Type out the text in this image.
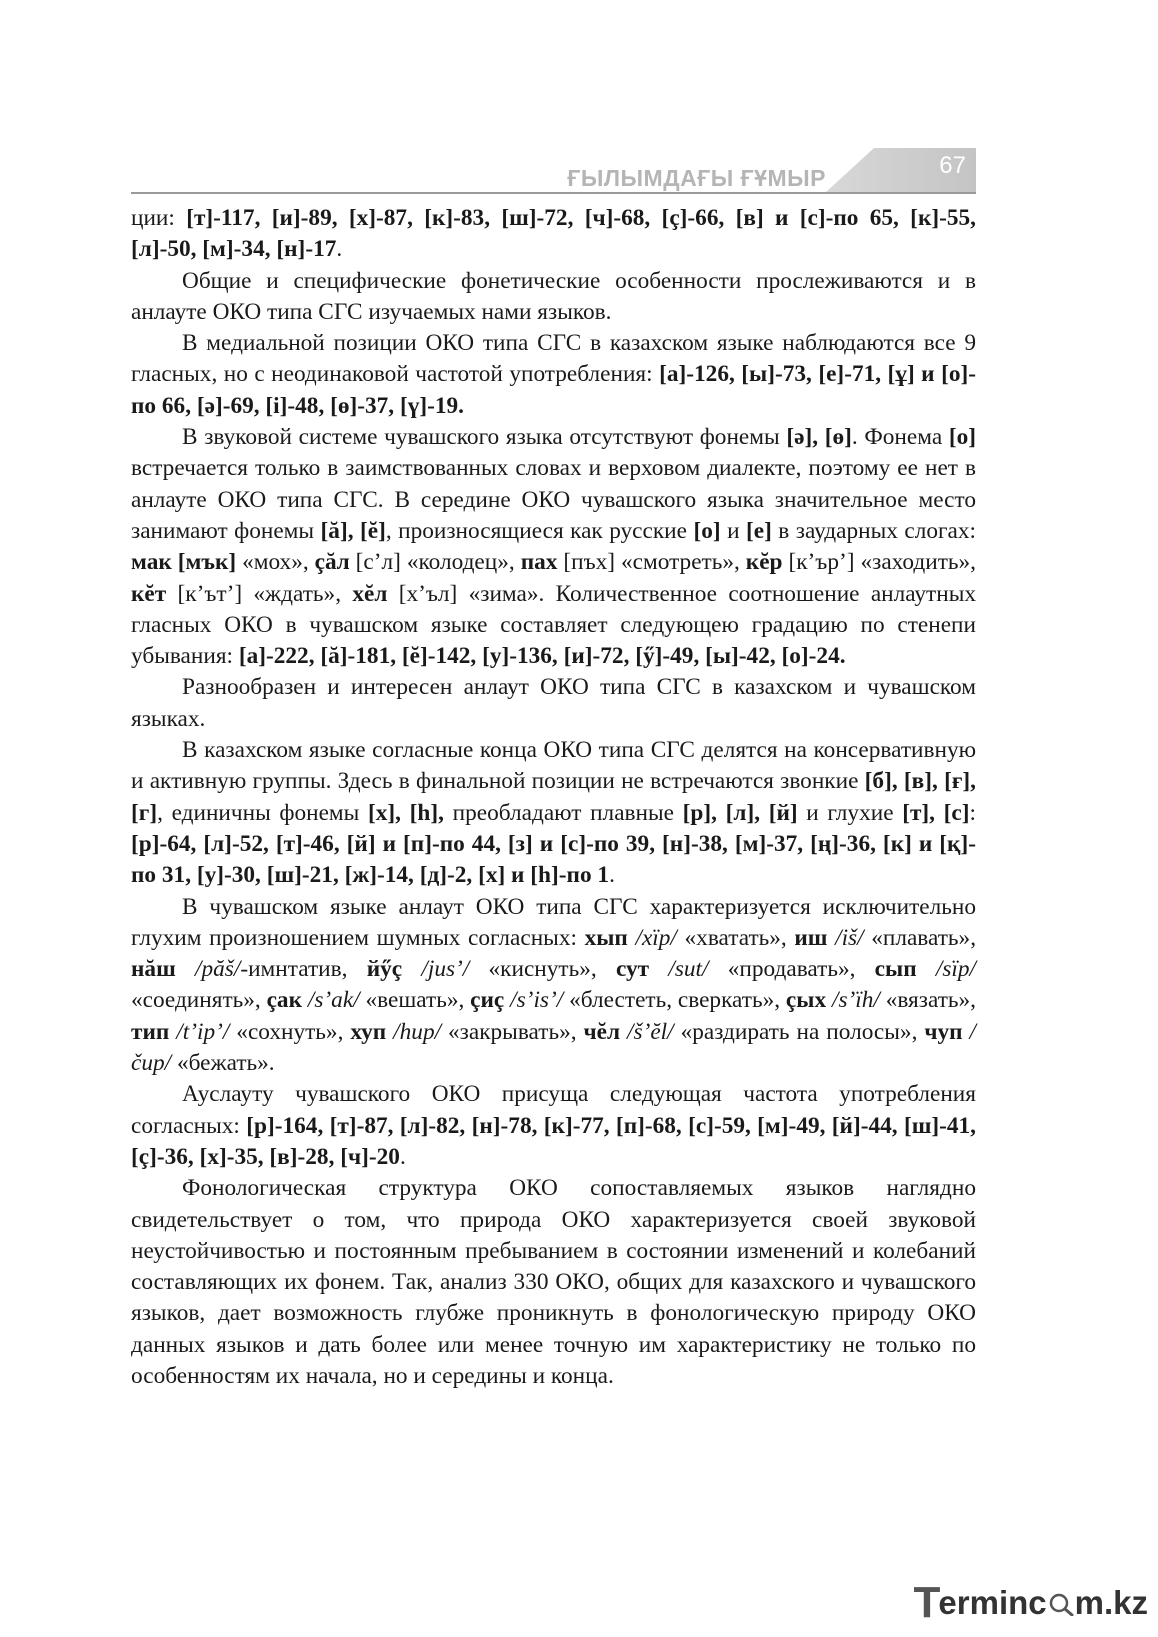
ҒЫЛЫМДАҒЫ ҒҰМЫР	67

ции: [т]-117, [и]-89, [х]-87, [к]-83, [ш]-72, [ч]-68, [ç]-66, [в] и [с]-по 65, [к]-55, [л]-50, [м]-34, [н]-17.

Общие и специфические фонетические особенности прослеживаются и в анлауте ОКО типа СГС изучаемых нами языков.

В медиальной позиции ОКО типа СГС в казахском языке наблюдаются все 9 гласных, но с неодинаковой частотой употребления: [а]-126, [ы]-73, [е]-71, [ұ] и [о]-по 66, [ә]-69, [і]-48, [ө]-37, [ү]-19.

В звуковой системе чувашского языка отсутствуют фонемы [ә], [ө]. Фонема [о] встречается только в заимствованных словах и верховом диалекте, поэтому ее нет в анлауте ОКО типа СГС. В середине ОКО чувашского языка значительное место занимают фонемы [ă], [ĕ], произносящиеся как русские [о] и [е] в заударных слогах: мак [мък] «мох», çăл [с’л] «колодец», пах [пъх] «смотреть», кĕр [к’ър’] «заходить», кĕт [к’ът’] «ждать», хĕл [х’ъл] «зима». Количественное соотношение анлаутных гласных ОКО в чувашском языке составляет следующею градацию по стенепи убывания: [а]-222, [ă]-181, [ĕ]-142, [у]-136, [и]-72, [ӳ]-49, [ы]-42, [о]-24.

Разнообразен и интересен анлаут ОКО типа СГС в казахском и чувашском языках.

В казахском языке согласные конца ОКО типа СГС делятся на консервативную и активную группы. Здесь в финальной позиции не встречаются звонкие [б], [в], [ғ], [г], единичны фонемы [х], [һ], преобладают плавные [р], [л], [й] и глухие [т], [с]: [р]-64, [л]-52, [т]-46, [й] и [п]-по 44, [з] и [с]-по 39, [н]-38, [м]-37, [ң]-36, [к] и [қ]-по 31, [у]-30, [ш]-21, [ж]-14, [д]-2, [х] и [һ]-по 1.

В чувашском языке анлаут ОКО типа СГС характеризуется исключительно глухим произношением шумных согласных: хып /xïp/ «хватать», иш /iš/ «плавать», нăш /păš/-имнтатив, йӳç /jus’/ «киснуть», сут /sut/ «продавать», сып /sïp/ «соединять», çак /s’ak/ «вешать», çиç /s’is’/ «блестеть, сверкать», çых /s’ïh/ «вязать», тип /t’ip’/ «сохнуть», хуп /hup/ «закрывать», чĕл /š’ĕl/ «раздирать на полосы», чуп /čup/ «бежать».

Ауслауту чувашского ОКО присуща следующая частота употребления согласных: [р]-164, [т]-87, [л]-82, [н]-78, [к]-77, [п]-68, [с]-59, [м]-49, [й]-44, [ш]-41, [ç]-36, [х]-35, [в]-28, [ч]-20.

Фонологическая структура ОКО сопоставляемых языков наглядно свидетельствует о том, что природа ОКО характеризуется своей звуковой неустойчивостью и постоянным пребыванием в состоянии изменений и колебаний составляющих их фонем. Так, анализ 330 ОКО, общих для казахского и чувашского языков, дает возможность глубже проникнуть в фонологическую природу ОКО данных языков и дать более или менее точную им характеристику не только по особенностям их начала, но и середины и конца.

T
erminc m.kz
